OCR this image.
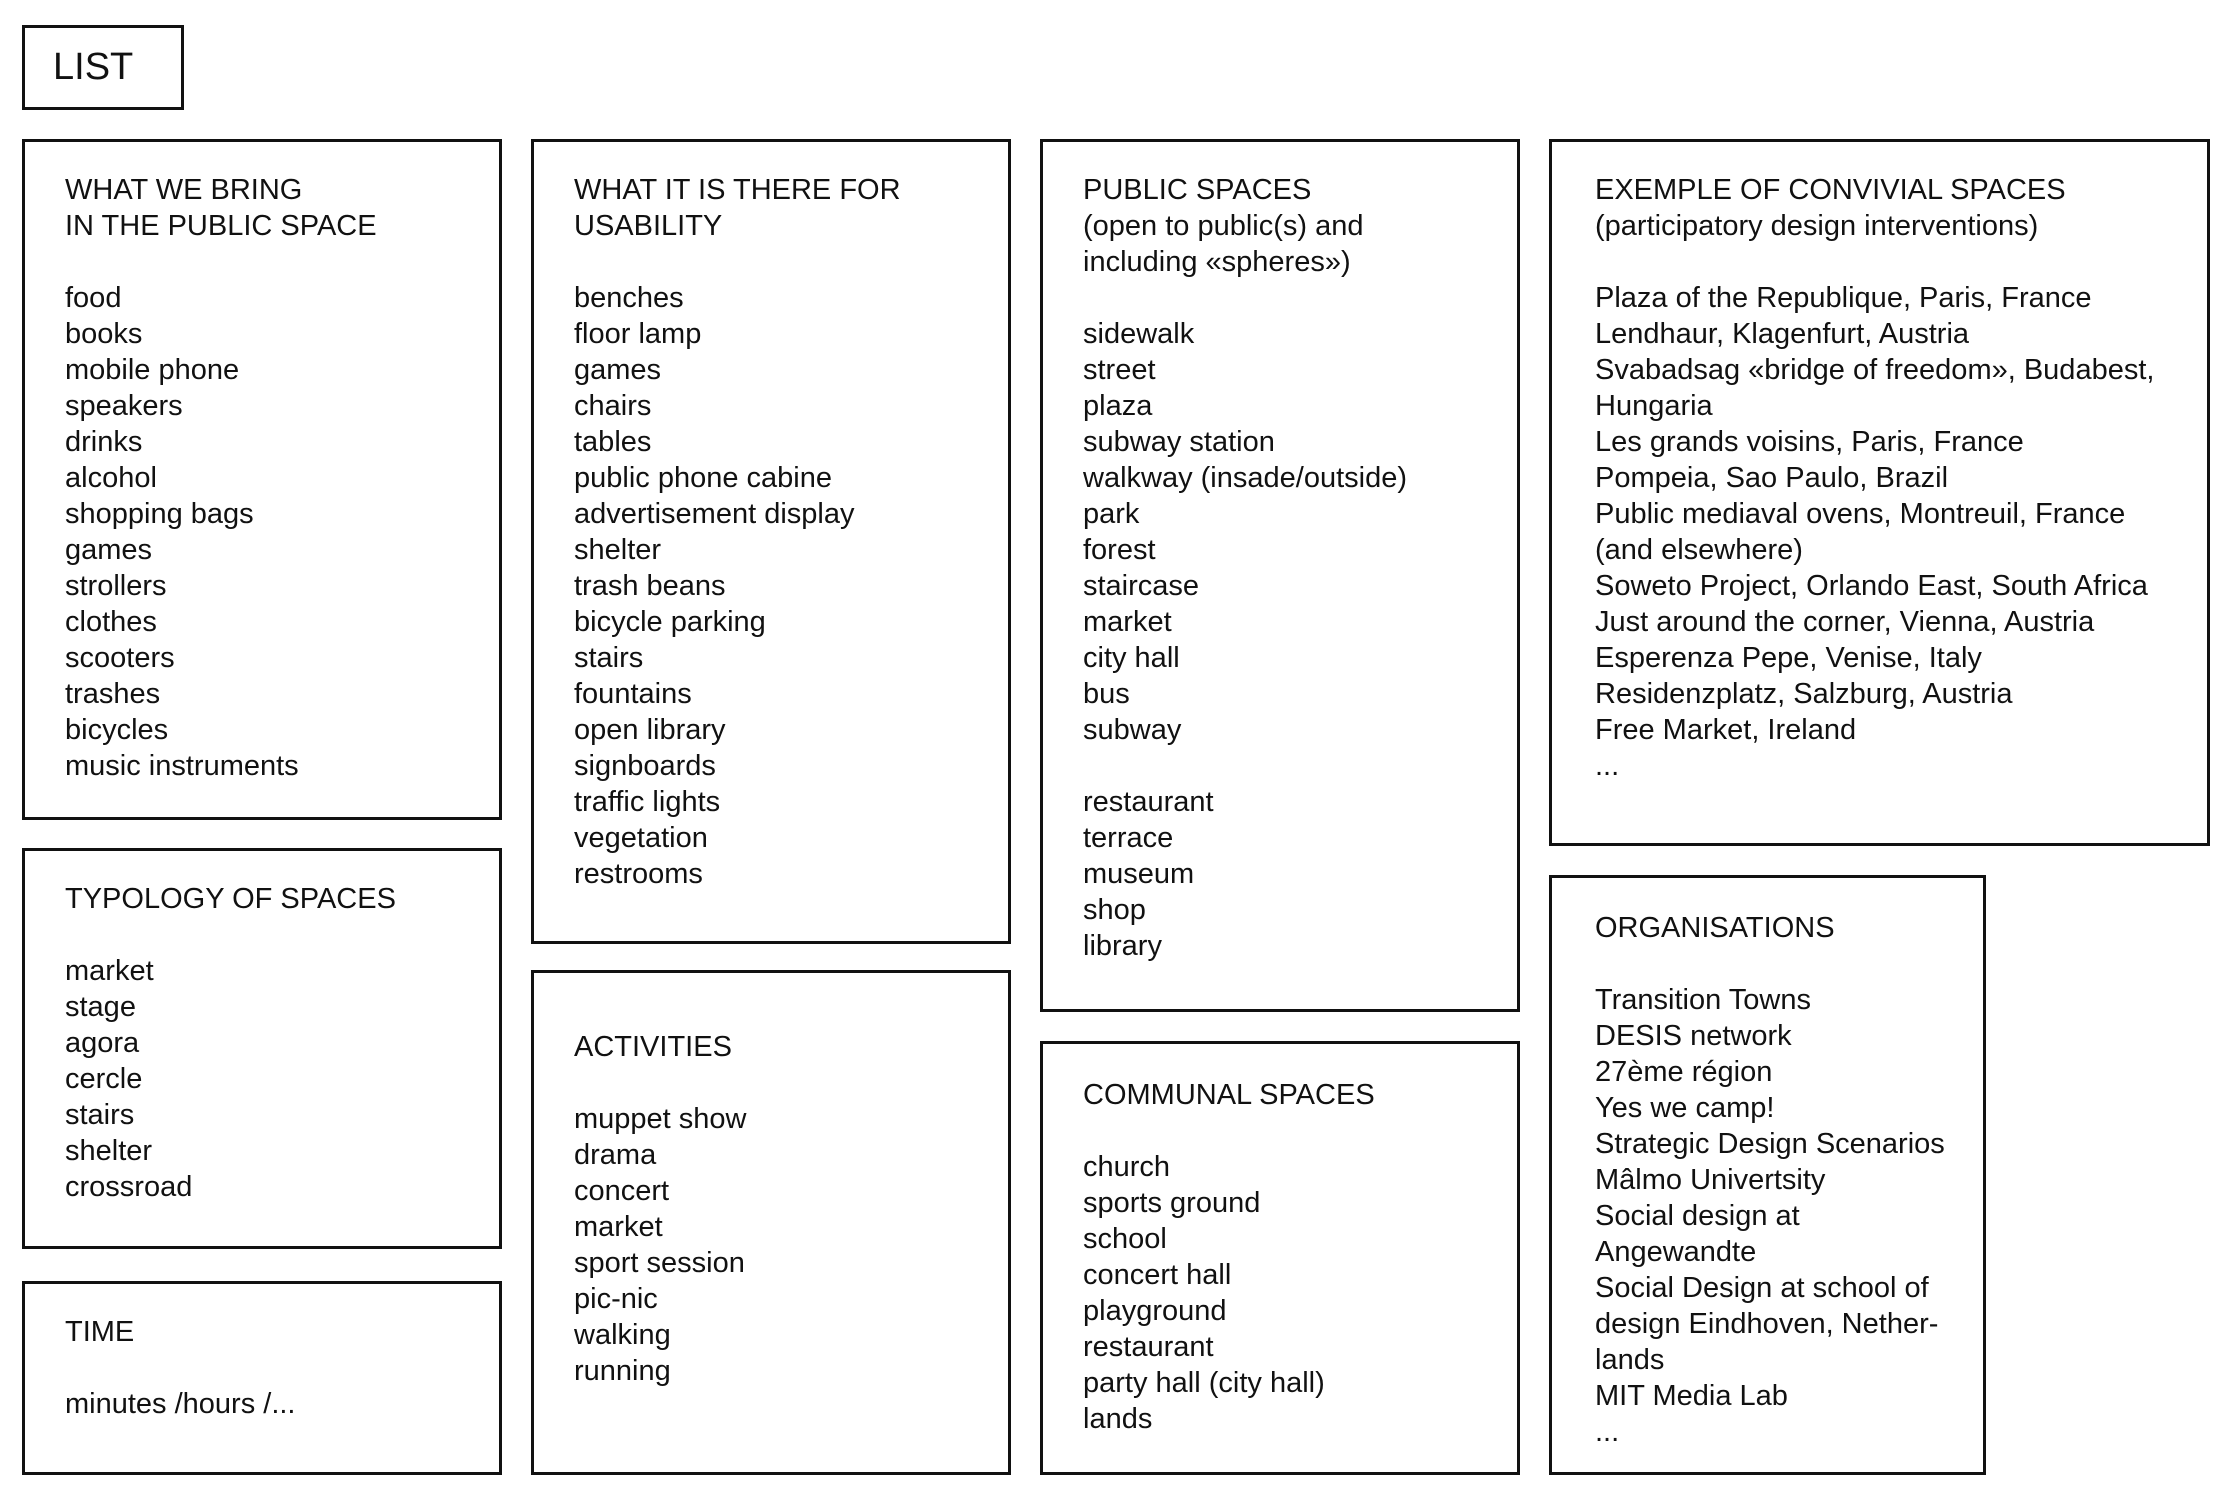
LIST
WHAT WE BRING
IN THE PUBLIC SPACE
food
books
mobile phone
speakers
drinks
alcohol
shopping bags
games
strollers
clothes
scooters
trashes
bicycles
music instruments
TYPOLOGY OF SPACES
market
stage
agora
cercle
stairs
shelter
crossroad
TIME
minutes /hours /...
WHAT IT IS THERE FOR
USABILITY
benches
floor lamp
games
chairs
tables
public phone cabine
advertisement display
shelter
trash beans
bicycle parking
stairs
fountains
open library
signboards
traffic lights
vegetation
restrooms
ACTIVITIES
muppet show
drama
concert
market
sport session
pic-nic
walking
running
PUBLIC SPACES
(open to public(s) and
including «spheres»)
sidewalk
street
plaza
subway station
walkway (insade/outside)
park
forest
staircase
market
city hall
bus
subway
restaurant
terrace
museum
shop
library
COMMUNAL SPACES
church
sports ground
school
concert hall
playground
restaurant
party hall (city hall)
lands
EXEMPLE OF CONVIVIAL SPACES
(participatory design interventions)
Plaza of the Republique, Paris, France
Lendhaur, Klagenfurt, Austria
Svabadsag «bridge of freedom», Budabest,
Hungaria
Les grands voisins, Paris, France
Pompeia, Sao Paulo, Brazil
Public mediaval ovens, Montreuil, France
(and elsewhere)
Soweto Project, Orlando East, South Africa
Just around the corner, Vienna, Austria
Esperenza Pepe, Venise, Italy
Residenzplatz, Salzburg, Austria
Free Market, Ireland
...
ORGANISATIONS
Transition Towns
DESIS network
27ème région
Yes we camp!
Strategic Design Scenarios
Mâlmo Univertsity
Social design at
Angewandte
Social Design at school of
design Eindhoven, Nether-
lands
MIT Media Lab
...
